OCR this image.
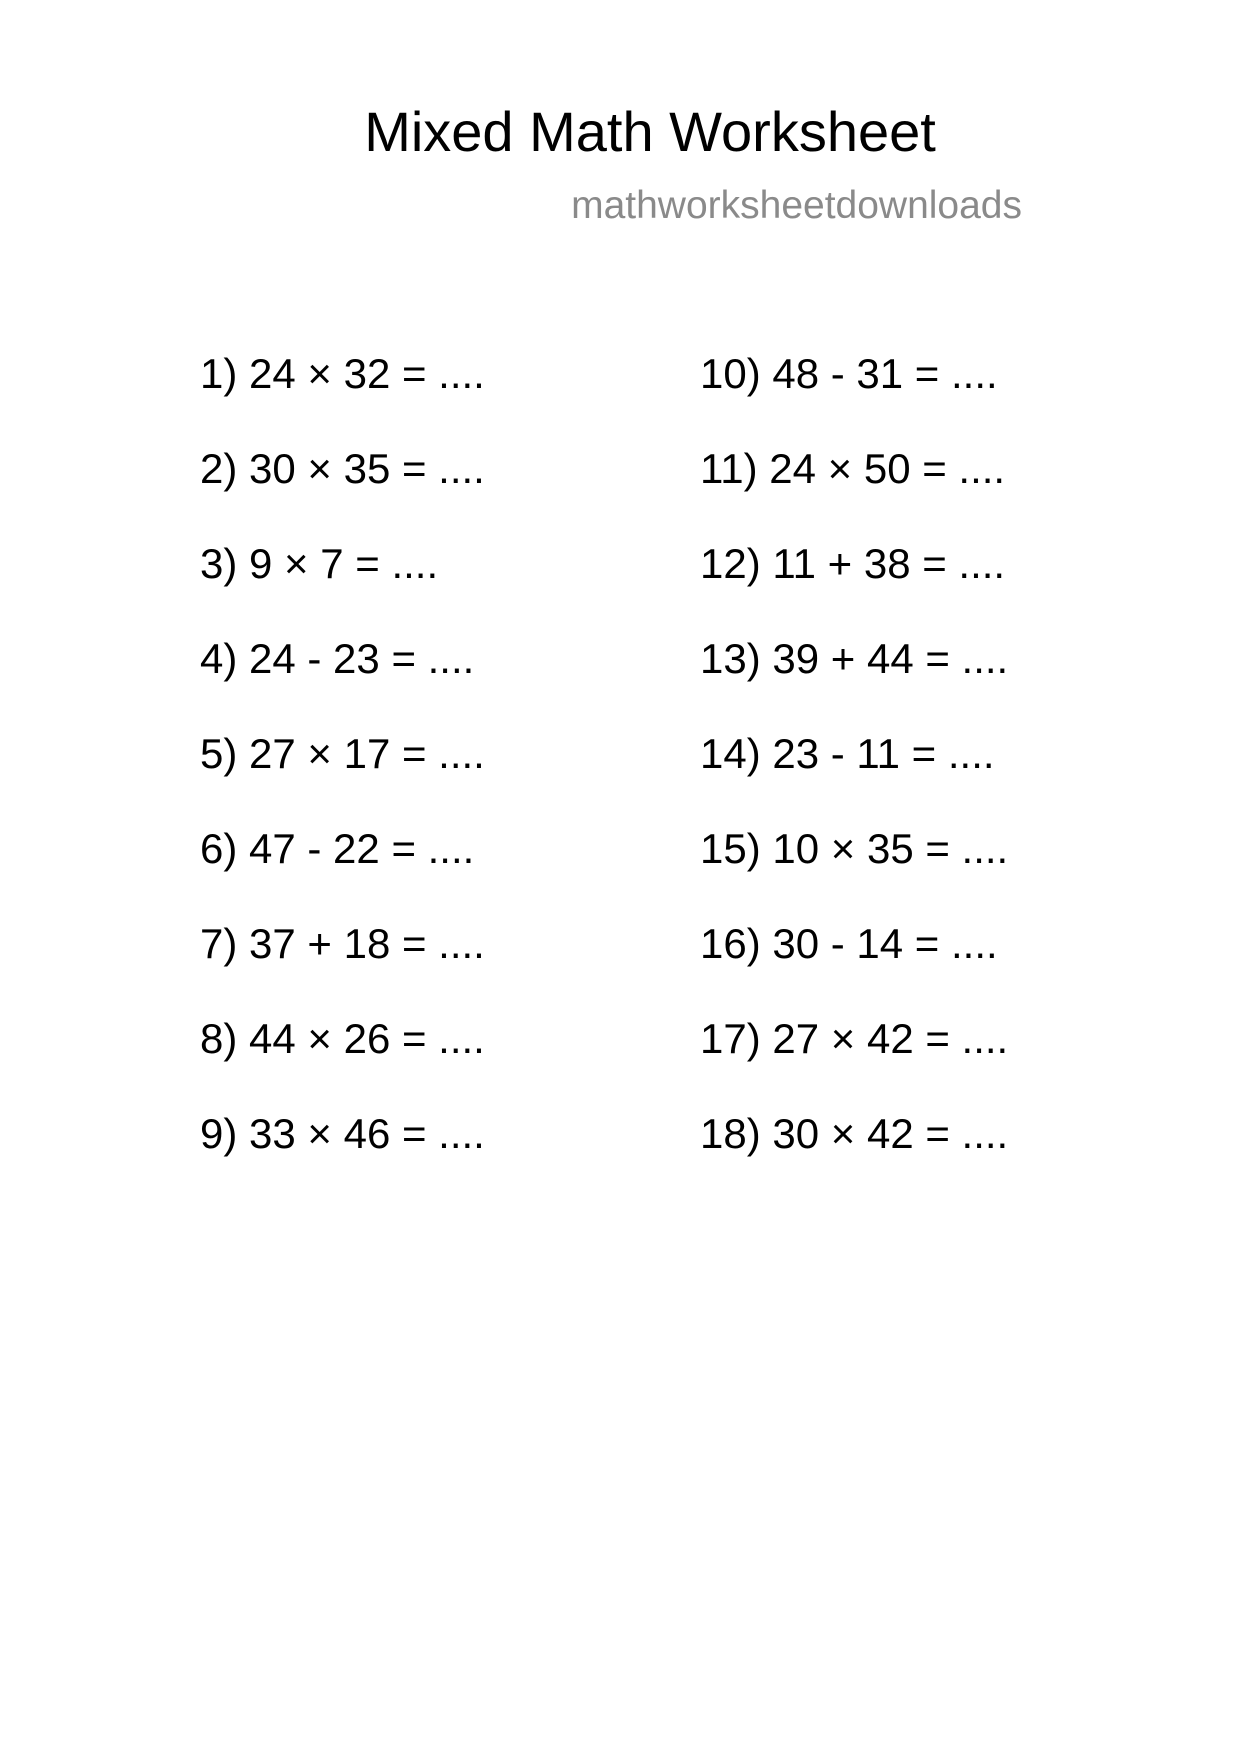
Mixed Math Worksheet
mathworksheetdownloads
1) 24 × 32 = ....
2) 30 × 35 = ....
3) 9 × 7 = ....
4) 24 - 23 = ....
5) 27 × 17 = ....
6) 47 - 22 = ....
7) 37 + 18 = ....
8) 44 × 26 = ....
9) 33 × 46 = ....
10) 48 - 31 = ....
11) 24 × 50 = ....
12) 11 + 38 = ....
13) 39 + 44 = ....
14) 23 - 11 = ....
15) 10 × 35 = ....
16) 30 - 14 = ....
17) 27 × 42 = ....
18) 30 × 42 = ....
